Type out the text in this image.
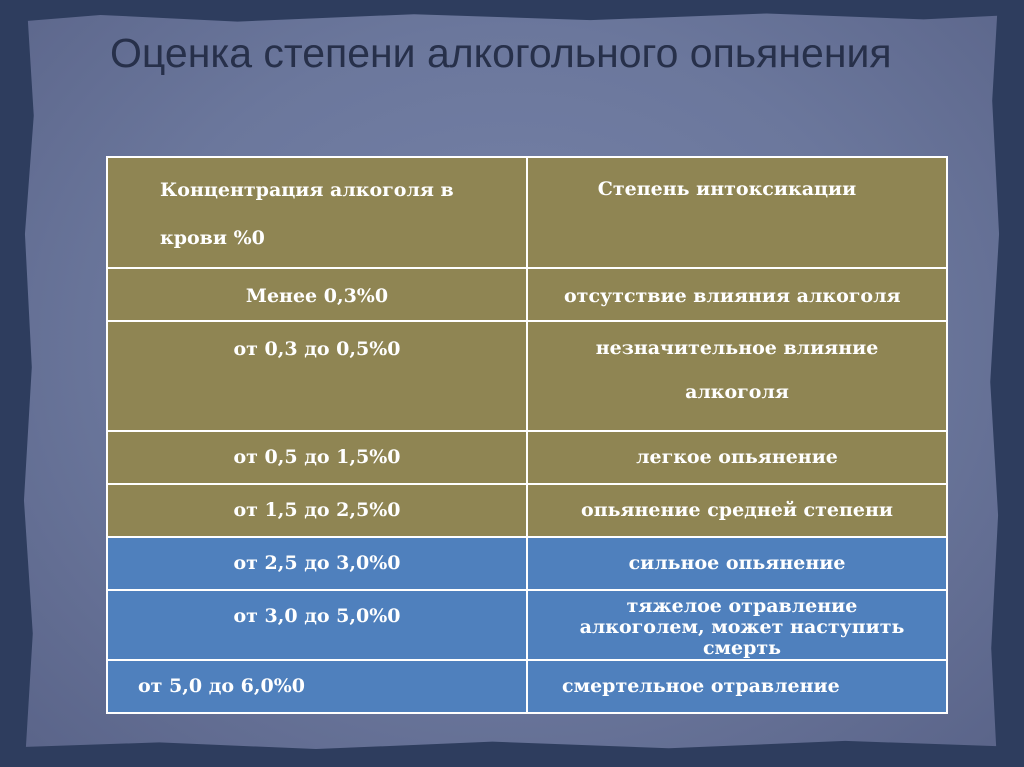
Оценка степени алкогольного опьянения
Концентрация алкоголя в крови %0	Степень интоксикации

Менее 0,3%0	отсутствие влияния алкоголя

от 0,3 до 0,5%0	незначительное влияние алкоголя

от 0,5 до 1,5%0	легкое опьянение

от 1,5 до 2,5%0	опьянение средней степени

от 2,5 до 3,0%0	сильное опьянение

от 3,0 до 5,0%0	тяжелое отравление алкоголем, может наступить смерть

от 5,0 до 6,0%0	смертельное отравление
